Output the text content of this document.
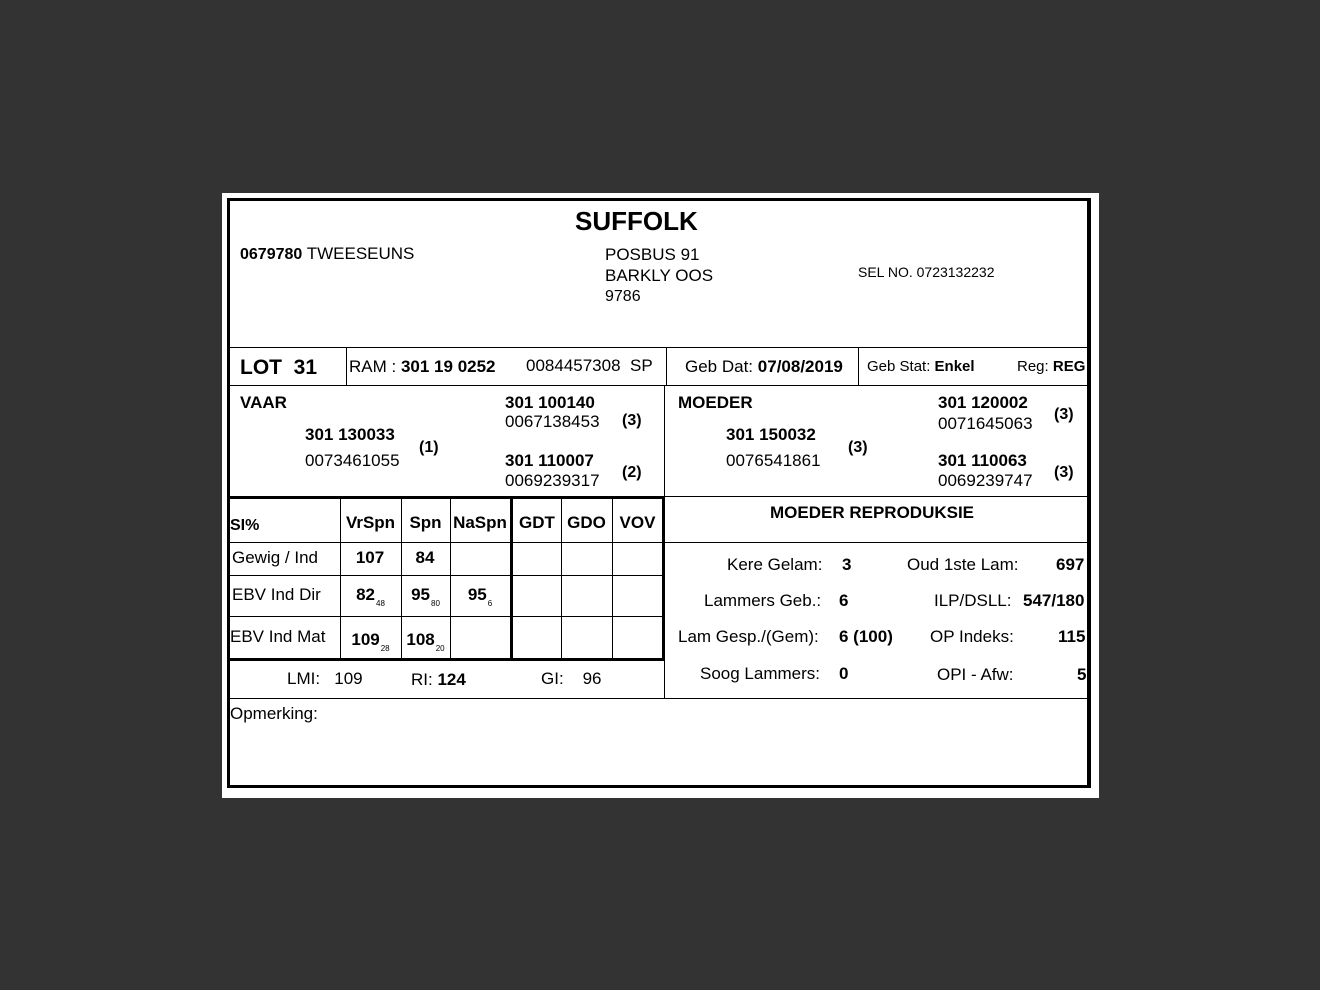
SUFFOLK
0679780 TWEESEUNS	POSBUS 91
BARKLY OOS
9786
SEL NO. 0723132232
LOT 31 RAM : 301 19 0252 0084457308 SP Geb Dat: 07/08/2019 Geb Stat: Enkel	Reg: REG
VAAR
301 130033
0073461055
(1)
301 100140
0067138453 (3)
301 110007
0069239317 (2)
MOEDER
301 150032
0076541861
(3)
301 120002
0071645063 (3)
301 110063
0069239747 (3)
SI%	VrSpn Spn NaSpn GDT GDO VOV
Gewig / Ind	107	84
EBV Ind Dir	$82_{48}$	$95_{80}$	$95_6$
EBV Ind Mat	$109_{28}$ $108_{20}$
LMI: 109	RI: 124	GI: 96
MOEDER REPRODUKSIE
Kere Gelam: 3	Oud 1ste Lam: 697
Lammers Geb.: 6	ILP/DSLL: 547/180
Lam Gesp./(Gem): 6 (100) OP Indeks:	115
Soog Lammers: 0	OPI - Afw:	5
Opmerking:
